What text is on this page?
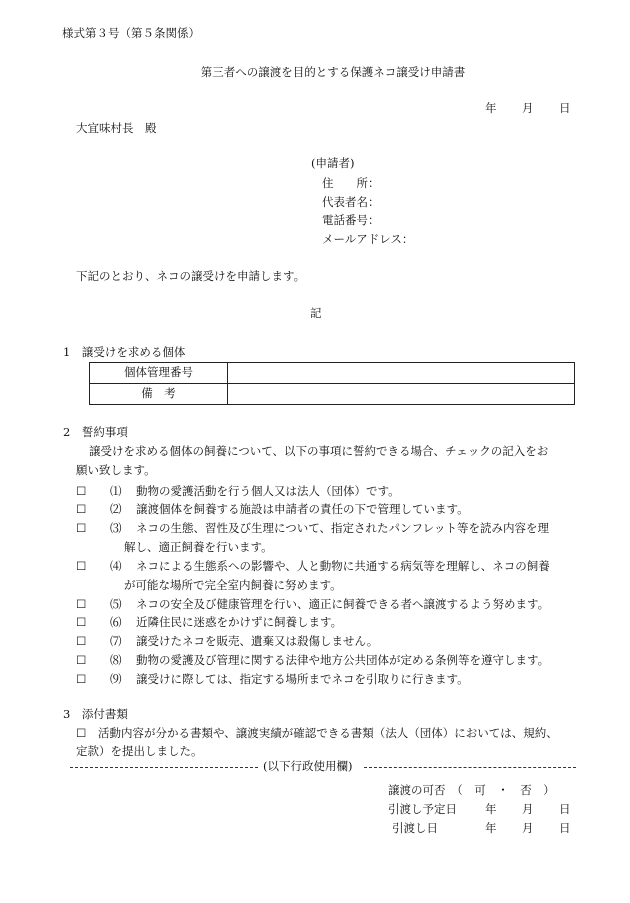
様式第３号（第５条関係）
第三者への譲渡を目的とする保護ネコ譲受け申請書
年 月 日
大宜味村長　殿
(申請者)
住　　所：
代表者名：
電話番号：
メールアドレス：
下記のとおり、ネコの譲受けを申請します。
記
1　譲受けを求める個体
個体管理番号	
備　考	
2　誓約事項
譲受けを求める個体の飼養について、以下の事項に誓約できる場合、チェックの記入をお
願い致します。
☐ ⑴ 動物の愛護活動を行う個人又は法人（団体）です。
☐ ⑵ 譲渡個体を飼養する施設は申請者の責任の下で管理しています。
☐ ⑶ ネコの生態、習性及び生理について、指定されたパンフレット等を読み内容を理
解し、適正飼養を行います。
☐ ⑷ ネコによる生態系への影響や、人と動物に共通する病気等を理解し、ネコの飼養
が可能な場所で完全室内飼養に努めます。
☐ ⑸ ネコの安全及び健康管理を行い、適正に飼養できる者へ譲渡するよう努めます。
☐ ⑹ 近隣住民に迷惑をかけずに飼養します。
☐ ⑺ 譲受けたネコを販売、遺棄又は殺傷しません。
☐ ⑻ 動物の愛護及び管理に関する法律や地方公共団体が定める条例等を遵守します。
☐ ⑼ 譲受けに際しては、指定する場所までネコを引取りに行きます。
3　添付書類
☐ 活動内容が分かる書類や、譲渡実績が確認できる書類（法人（団体）においては、規約、
定款）を提出しました。
(以下行政使用欄)
譲渡の可否　（　可　・　否　）
引渡し予定日 年 月 日
引渡し日	年 月 日
